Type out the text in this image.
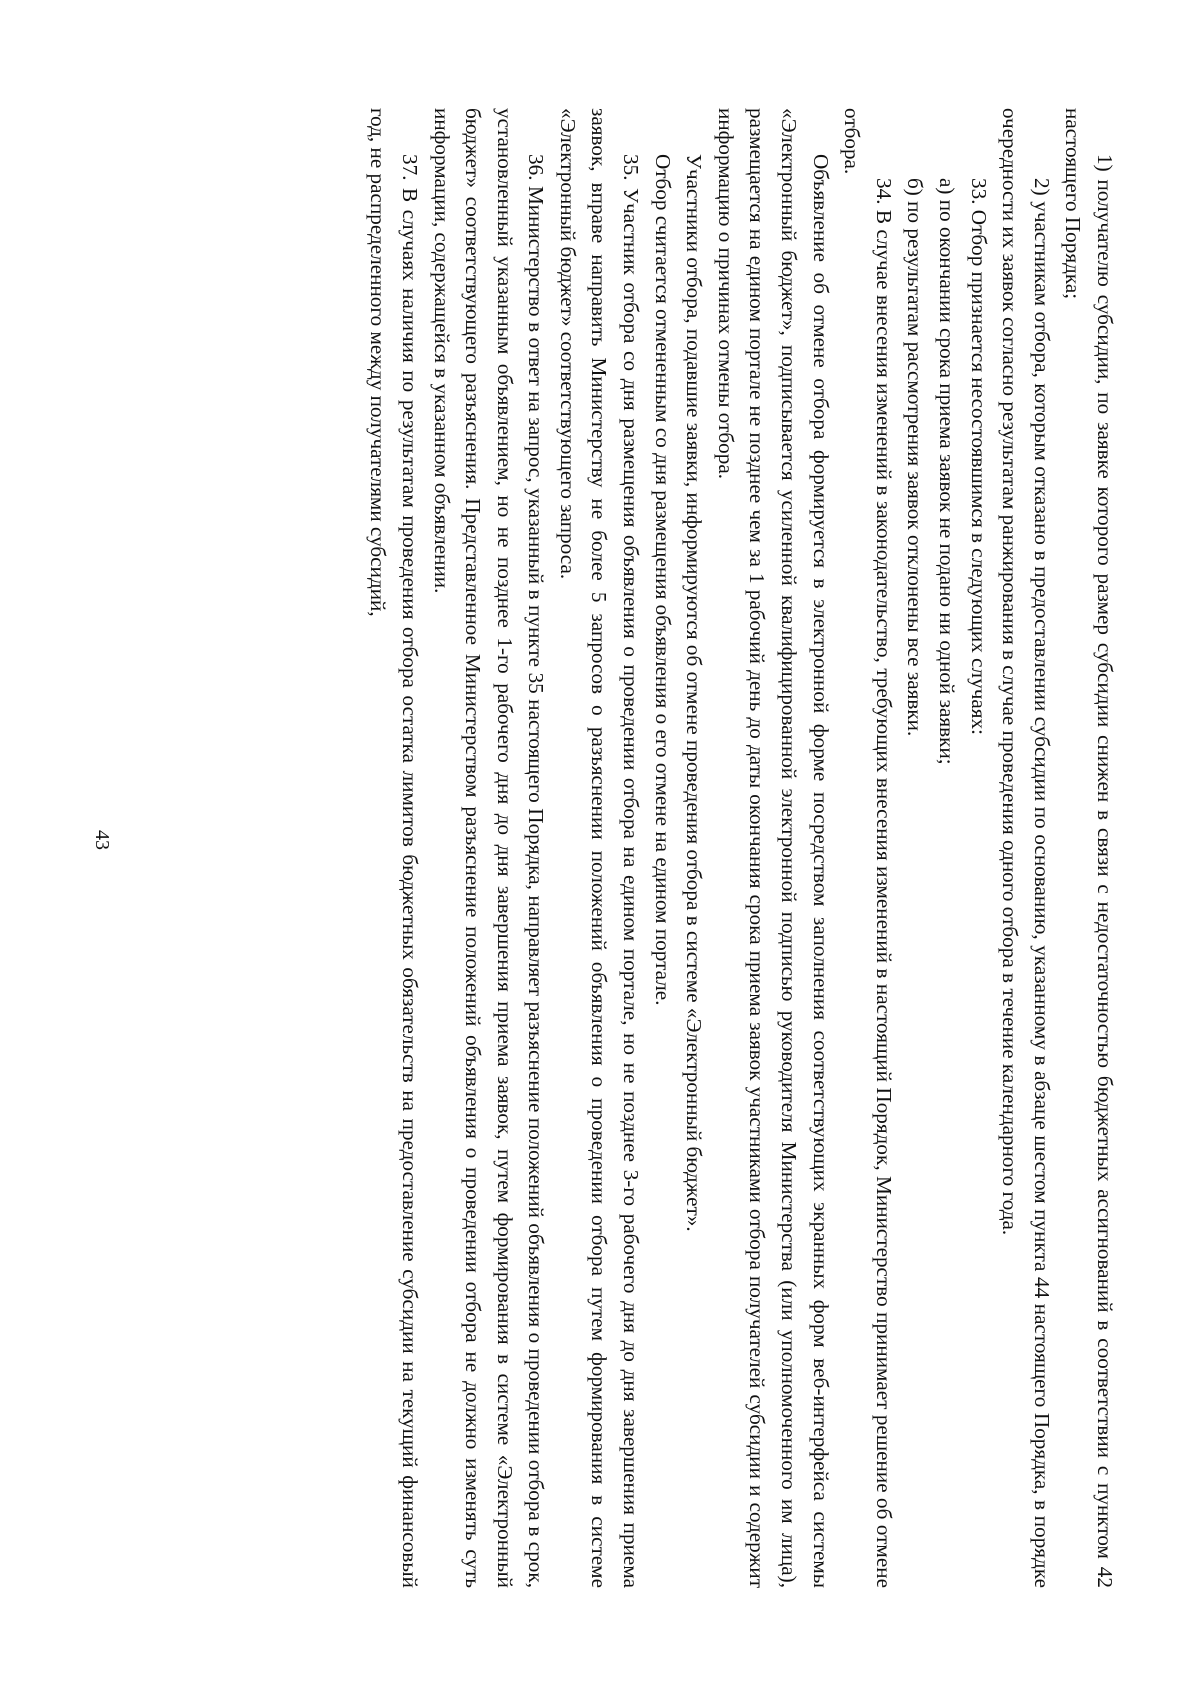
43	1) получателю субсидии, по заявке которого размер субсидии снижен в связи с недостаточностью бюджетных ассигнований в соответствии с пунктом 42 настоящего Порядка;

2) участникам отбора, которым отказано в предоставлении субсидии по основанию, указанному в абзаце шестом пункта 44 настоящего Порядка, в порядке очередности их заявок согласно результатам ранжирования в случае проведения одного отбора в течение календарного года.

33. Отбор признается несостоявшимся в следующих случаях:

а) по окончании срока приема заявок не подано ни одной заявки;

б) по результатам рассмотрения заявок отклонены все заявки.

34. В случае внесения изменений в законодательство, требующих внесения изменений в настоящий Порядок, Министерство принимает решение об отмене отбора.

Объявление об отмене отбора формируется в электронной форме посредством заполнения соответствующих экранных форм веб-интерфейса системы «Электронный бюджет», подписывается усиленной квалифицированной электронной подписью руководителя Министерства (или уполномоченного им лица), размещается на едином портале не позднее чем за 1 рабочий день до даты окончания срока приема заявок участниками отбора получателей субсидии и содержит информацию о причинах отмены отбора.

Участники отбора, подавшие заявки, информируются об отмене проведения отбора в системе «Электронный бюджет».

Отбор считается отмененным со дня размещения объявления о его отмене на едином портале.

35. Участник отбора со дня размещения объявления о проведении отбора на едином портале, но не позднее 3-го рабочего дня до дня завершения приема заявок, вправе направить Министерству не более 5 запросов о разъяснении положений объявления о проведении отбора путем формирования в системе «Электронный бюджет» соответствующего запроса.

36. Министерство в ответ на запрос, указанный в пункте 35 настоящего Порядка, направляет разъяснение положений объявления о проведении отбора в срок, установленный указанным объявлением, но не позднее 1-го рабочего дня до дня завершения приема заявок, путем формирования в системе «Электронный бюджет» соответствующего разъяснения. Представленное Министерством разъяснение положений объявления о проведении отбора не должно изменять суть информации, содержащейся в указанном объявлении.

37. В случаях наличия по результатам проведения отбора остатка лимитов бюджетных обязательств на предоставление субсидии на текущий финансовый год, не распределенного между получателями субсидий,
